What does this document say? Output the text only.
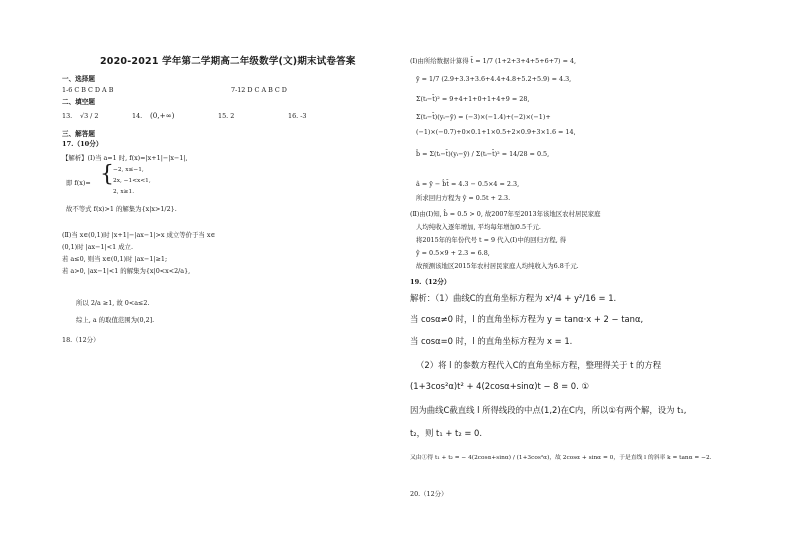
2020-2021 学年第二学期高二年级数学(文)期末试卷答案
一、选择题
1-6 C B C D A B	7-12 D C A B C D
二、填空题
13. √3 / 2	14. (0,+∞)	15. 2	16. -3
三、解答题
17.（10分）
【解析】(Ⅰ)当 a=1 时, f(x)=|x+1|−|x−1|,
即 f(x)= { −2, x≤−1,
2x, −1<x<1,
2, x≥1.
故不等式 f(x)>1 的解集为{x|x>1/2}.
(Ⅱ)当 x∈(0,1)时 |x+1|−|ax−1|>x 成立等价于当 x∈
(0,1)时 |ax−1|<1 成立.
若 a≤0, 则当 x∈(0,1)时 |ax−1|≥1;
若 a>0, |ax−1|<1 的解集为{x|0<x<2/a},
所以 2/a ≥1, 故 0<a≤2.
综上, a 的取值范围为(0,2].
18.（12分）
(Ⅰ)由所给数据计算得 t̄ = 1/7 (1+2+3+4+5+6+7) = 4,
ȳ = 1/7 (2.9+3.3+3.6+4.4+4.8+5.2+5.9) = 4.3,
Σ(tᵢ−t̄)² = 9+4+1+0+1+4+9 = 28,
Σ(tᵢ−t̄)(yᵢ−ȳ) = (−3)×(−1.4)+(−2)×(−1)+
(−1)×(−0.7)+0×0.1+1×0.5+2×0.9+3×1.6 = 14,
b̂ = Σ(tᵢ−t̄)(yᵢ−ȳ) / Σ(tᵢ−t̄)² = 14/28 = 0.5,
â = ȳ − b̂t̄ = 4.3 − 0.5×4 = 2.3,
所求回归方程为 ŷ = 0.5t + 2.3.
(Ⅱ)由(Ⅰ)知, b̂ = 0.5 > 0, 故2007年至2013年该地区农村居民家庭
人均纯收入逐年增加, 平均每年增加0.5千元.
将2015年的年份代号 t = 9 代入(Ⅰ)中的回归方程, 得
ŷ = 0.5×9 + 2.3 = 6.8,
故预测该地区2015年农村居民家庭人均纯收入为6.8千元.
19.（12分）
解析：（1）曲线C的直角坐标方程为 x²/4 + y²/16 = 1.
当 cosα≠0 时，l 的直角坐标方程为 y = tanα·x + 2 − tanα,
当 cosα=0 时，l 的直角坐标方程为 x = 1.
（2）将 l 的参数方程代入C的直角坐标方程，整理得关于 t 的方程
(1+3cos²α)t² + 4(2cosα+sinα)t − 8 = 0. ①
因为曲线C截直线 l 所得线段的中点(1,2)在C内，所以①有两个解，设为 t₁,
t₂，则 t₁ + t₂ = 0.
又由①得 t₁ + t₂ = − 4(2cosα+sinα) / (1+3cos²α)，故 2cosα + sinα = 0，于是直线 l 的斜率 k = tanα = −2.
20.（12分）
